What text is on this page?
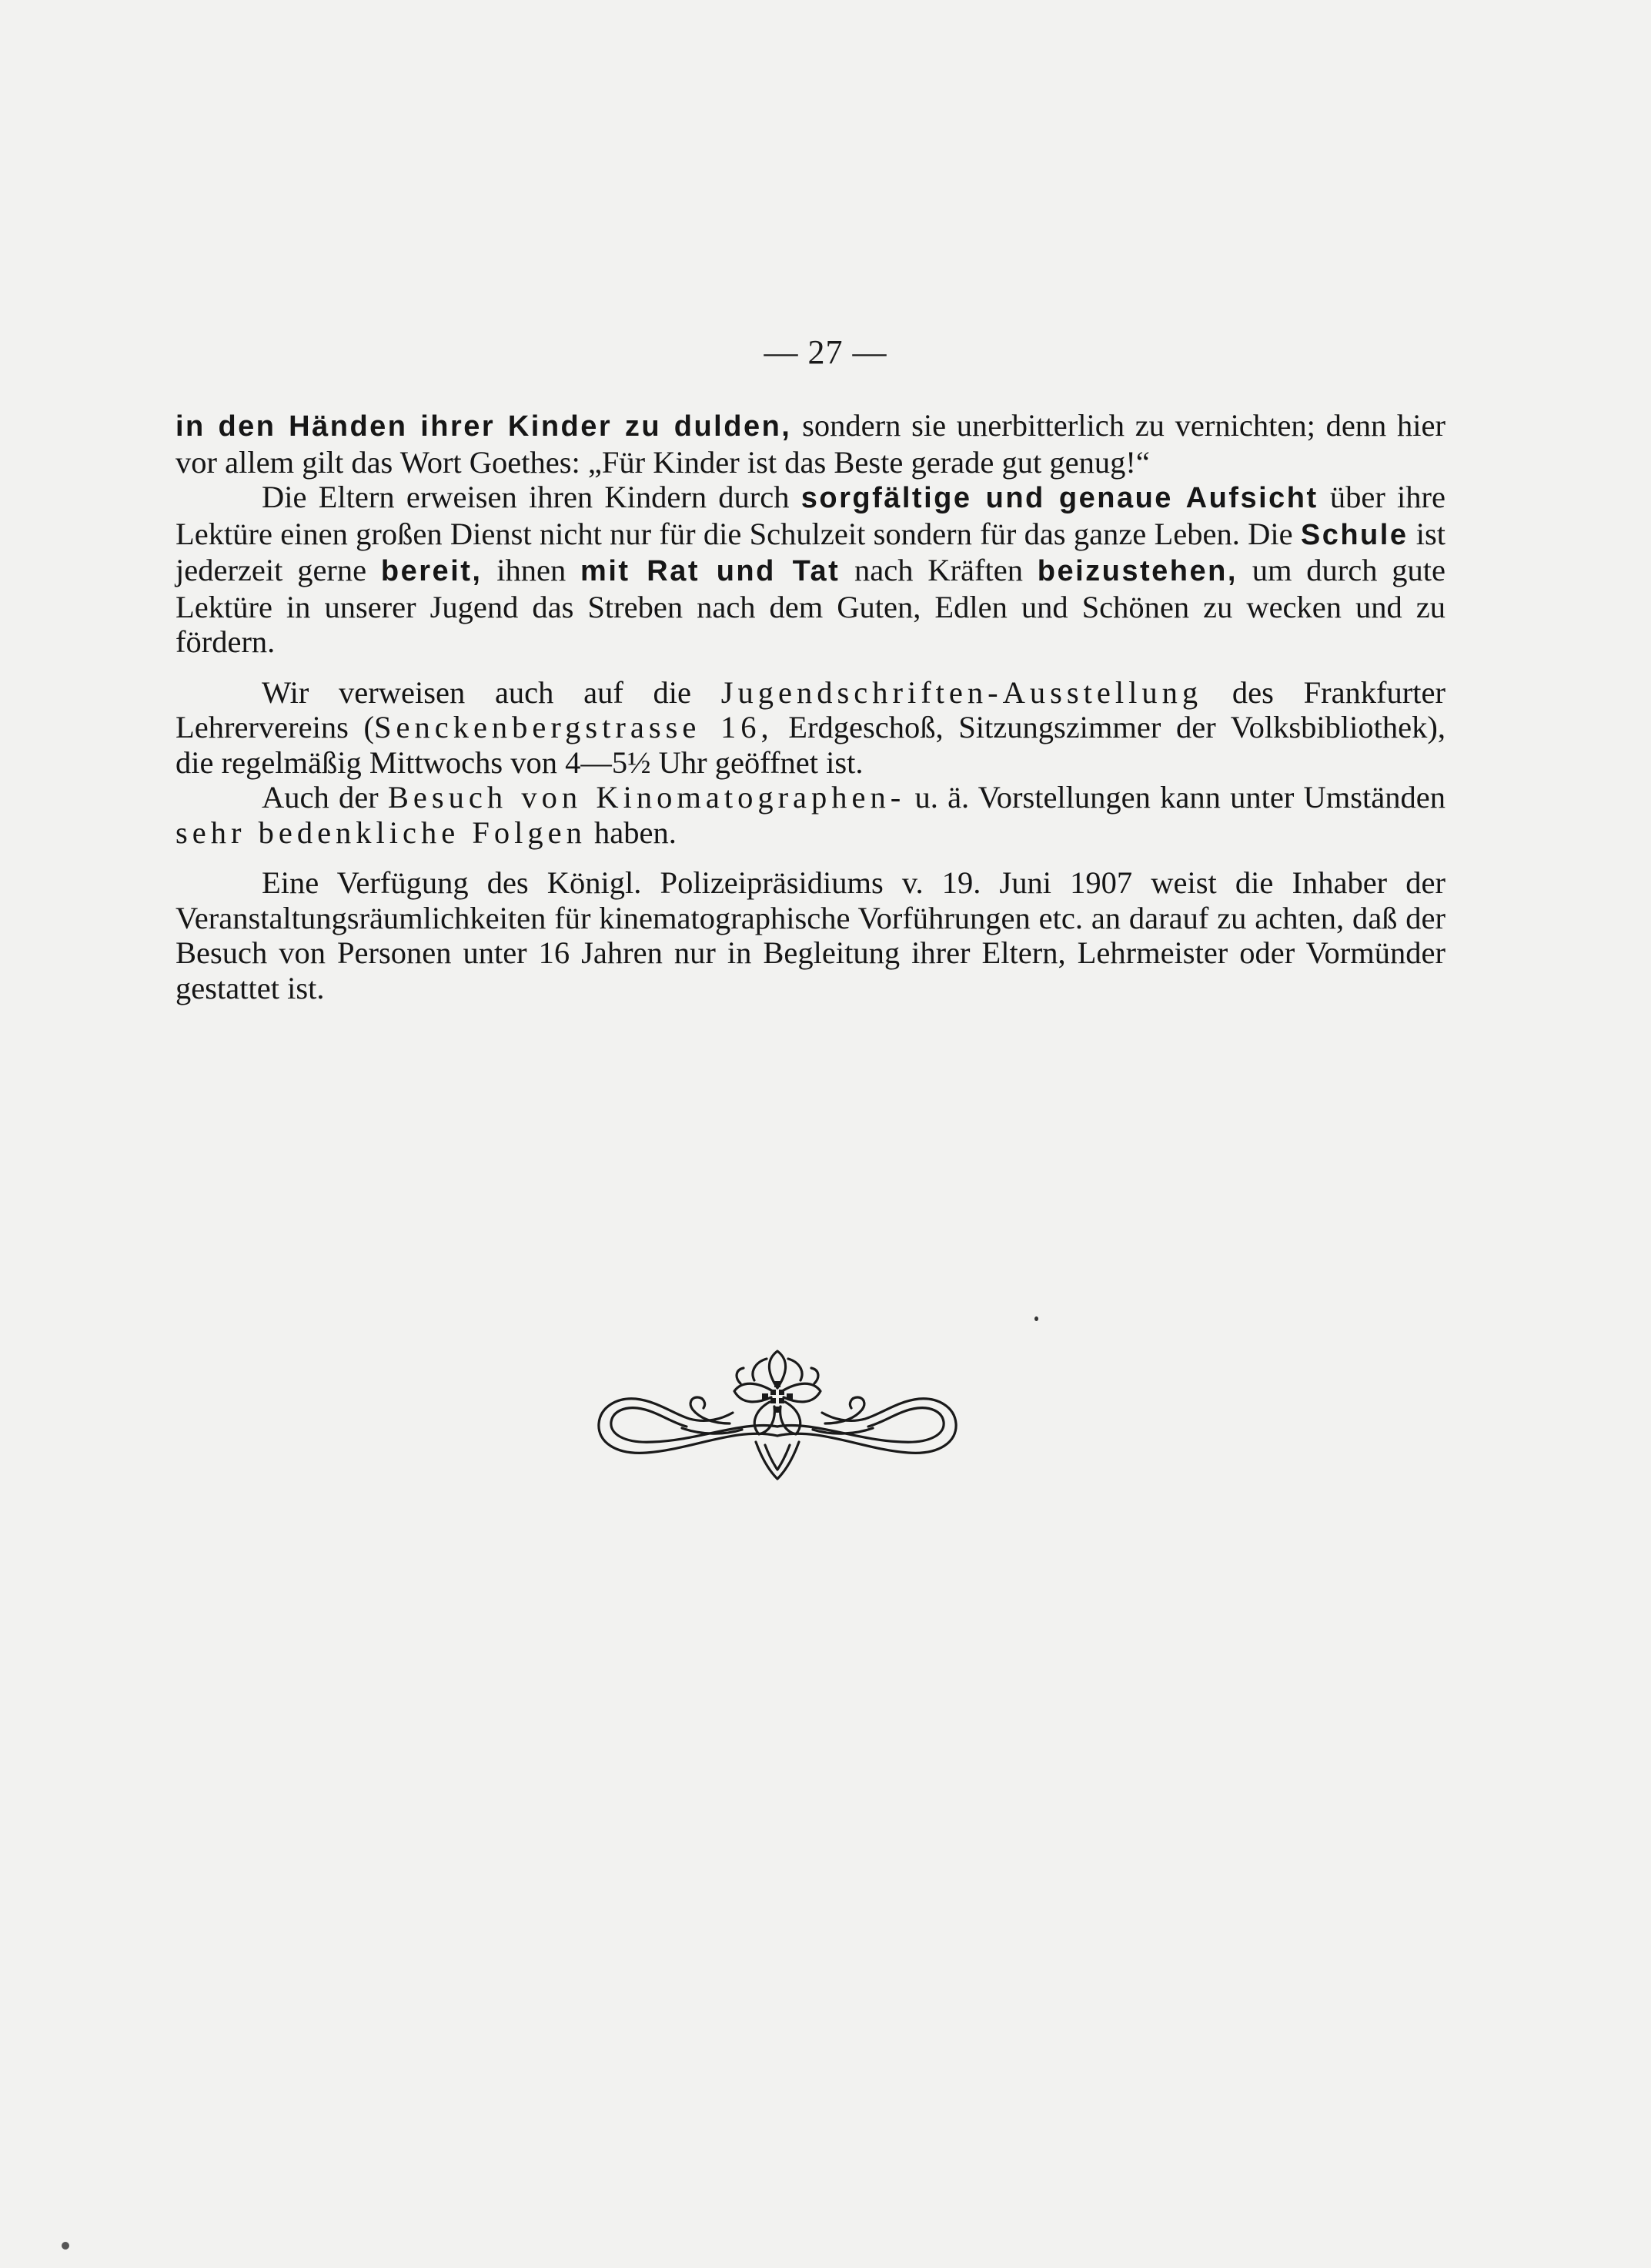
— 27 —

in den Händen ihrer Kinder zu dulden, sondern sie unerbitterlich zu vernichten; denn hier vor allem gilt das Wort Goethes: „Für Kinder ist das Beste gerade gut genug!“

Die Eltern erweisen ihren Kindern durch sorgfältige und genaue Aufsicht über ihre Lektüre einen großen Dienst nicht nur für die Schulzeit sondern für das ganze Leben. Die Schule ist jederzeit gerne bereit, ihnen mit Rat und Tat nach Kräften beizustehen, um durch gute Lektüre in unserer Jugend das Streben nach dem Guten, Edlen und Schönen zu wecken und zu fördern.

Wir verweisen auch auf die Jugendschriften-Ausstellung des Frankfurter Lehrervereins (Senckenbergstrasse 16, Erdgeschoß, Sitzungszimmer der Volksbibliothek), die regelmäßig Mittwochs von 4—5½ Uhr geöffnet ist.

Auch der Besuch von Kinomatographen- u. ä. Vorstellungen kann unter Umständen sehr bedenkliche Folgen haben.

Eine Verfügung des Königl. Polizeipräsidiums v. 19. Juni 1907 weist die Inhaber der Veranstaltungsräumlichkeiten für kinematographische Vorführungen etc. an darauf zu achten, daß der Besuch von Personen unter 16 Jahren nur in Begleitung ihrer Eltern, Lehrmeister oder Vormünder gestattet ist.
